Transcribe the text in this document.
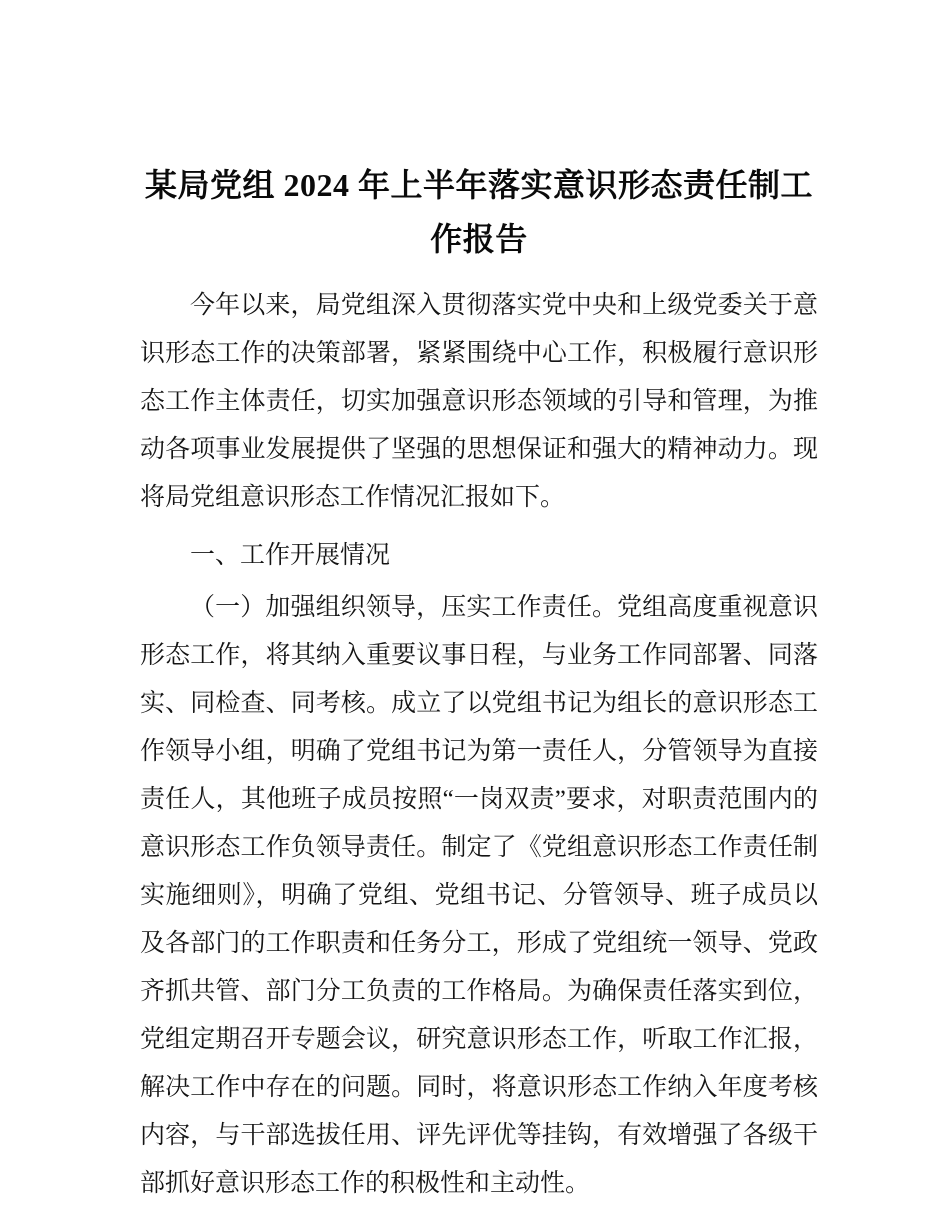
某局党组 2024 年上半年落实意识形态责任制工作报告

今年以来，局党组深入贯彻落实党中央和上级党委关于意识形态工作的决策部署，紧紧围绕中心工作，积极履行意识形态工作主体责任，切实加强意识形态领域的引导和管理，为推动各项事业发展提供了坚强的思想保证和强大的精神动力。现将局党组意识形态工作情况汇报如下。

一、工作开展情况

（一）加强组织领导，压实工作责任。党组高度重视意识形态工作，将其纳入重要议事日程，与业务工作同部署、同落实、同检查、同考核。成立了以党组书记为组长的意识形态工作领导小组，明确了党组书记为第一责任人，分管领导为直接责任人，其他班子成员按照“一岗双责”要求，对职责范围内的意识形态工作负领导责任。制定了《党组意识形态工作责任制实施细则》，明确了党组、党组书记、分管领导、班子成员以及各部门的工作职责和任务分工，形成了党组统一领导、党政齐抓共管、部门分工负责的工作格局。为确保责任落实到位，党组定期召开专题会议，研究意识形态工作，听取工作汇报，解决工作中存在的问题。同时，将意识形态工作纳入年度考核内容，与干部选拔任用、评先评优等挂钩，有效增强了各级干部抓好意识形态工作的积极性和主动性。
